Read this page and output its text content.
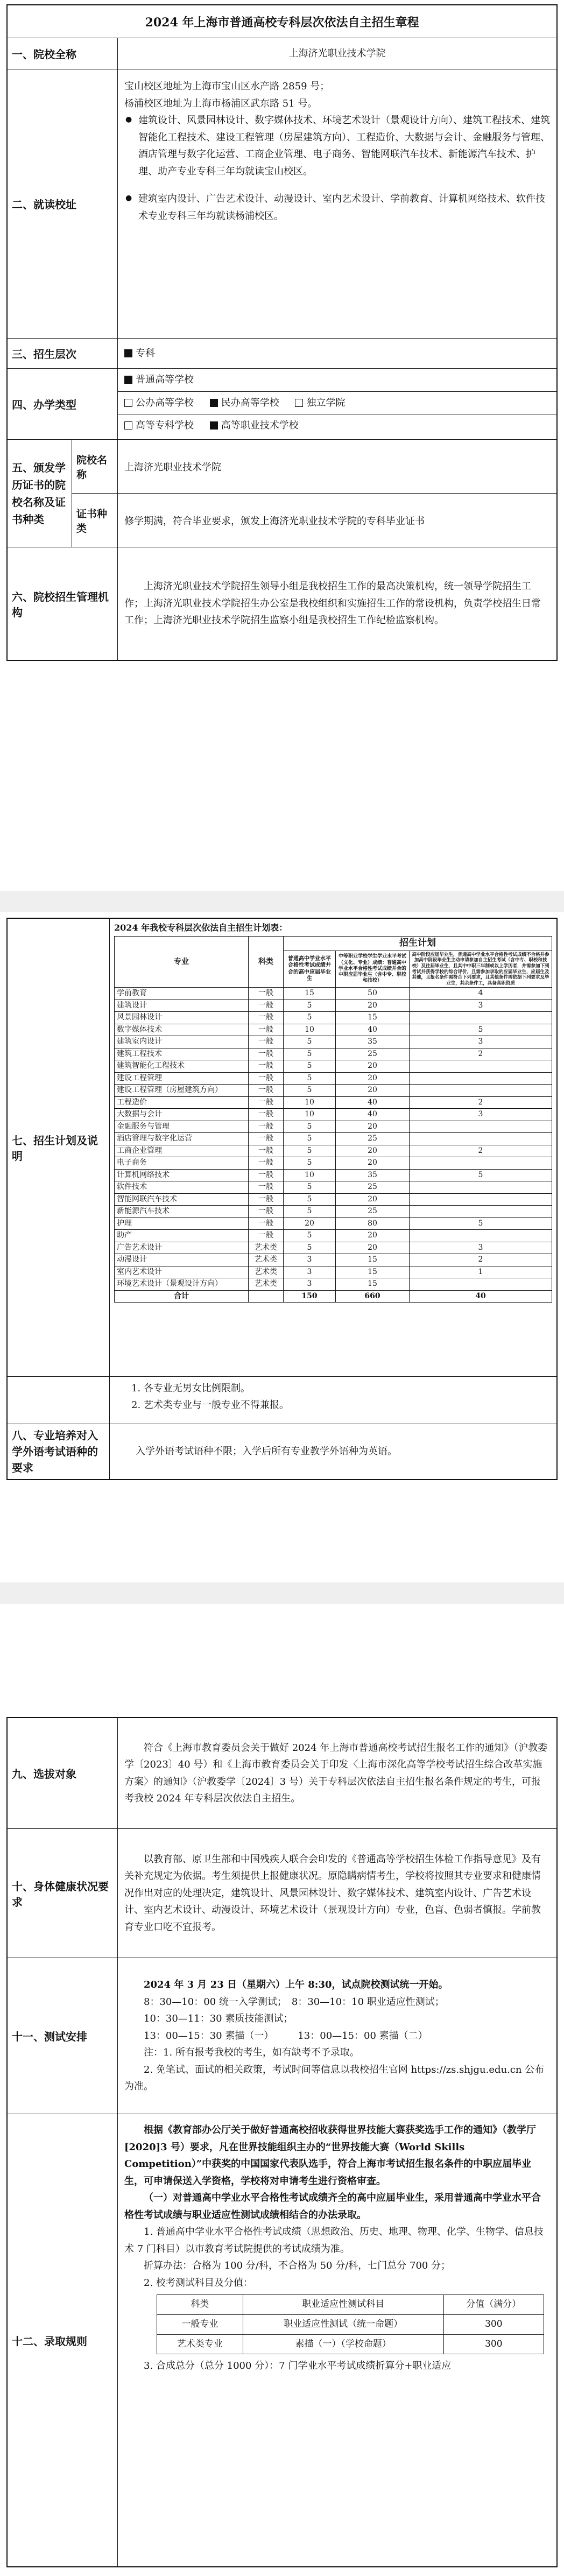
2024 年上海市普通高校专科层次依法自主招生章程
一、院校全称	上海济光职业技术学院
二、就读校址
宝山校区地址为上海市宝山区水产路 2859 号；
杨浦校区地址为上海市杨浦区武东路 51 号。
● 建筑设计、风景园林设计、数字媒体技术、环境艺术设计（景观设计方向）、建筑工程技术、建筑智能化工程技术、建设工程管理（房屋建筑方向）、工程造价、大数据与会计、金融服务与管理、酒店管理与数字化运营、工商企业管理、电子商务、智能网联汽车技术、新能源汽车技术、护理、助产专业专科三年均就读宝山校区。
● 建筑室内设计、广告艺术设计、动漫设计、室内艺术设计、学前教育、计算机网络技术、软件技术专业专科三年均就读杨浦校区。
三、招生层次	专科
四、办学类型
普通高等学校
公办高等学校	民办高等学校	独立学院
高等专科学校	高等职业技术学校
五、颁发学历证书的院校名称及证书种类
院校名称
上海济光职业技术学院
证书种类
修学期满，符合毕业要求，颁发上海济光职业技术学院的专科毕业证书
六、院校招生管理机构

上海济光职业技术学院招生领导小组是我校招生工作的最高决策机构，统一领导学院招生工作；上海济光职业技术学院招生办公室是我校组织和实施招生工作的常设机构，负责学校招生日常工作；上海济光职业技术学院招生监察小组是我校招生工作纪检监察机构。

七、招生计划及说明
2024 年我校专科层次依法自主招生计划表：
专业	科类	招生计划		
		普通高中学业水平合格性考试成绩并合的高中应届毕业生	中等职业学校学生学业水平考试（文化、专业）成绩：普通高中学业水平合格性考试成绩并合的中职应届毕业生（含中专、职校和技校）	高中阶段应届毕业生，普通高中学业水平合格性考试成绩不合格并参加高中阶段毕业生主动申请参加自主招生考试（含中专、职校和技校）及往届毕业生，且其中中职三年制或以上学历者，并需参加下列考试并获得学校的综合评价，且需参加录取的应届毕业生，应届生及其他，且报名条件需符合下列要求，且其他条件需依据下列要求及毕业生，其余条件工，具备高职资质
学前教育	一般	15	50	4
建筑设计	一般	5	20	3
风景园林设计	一般	5	15	
数字媒体技术	一般	10	40	5
建筑室内设计	一般	5	35	3
建筑工程技术	一般	5	25	2
建筑智能化工程技术	一般	5	20	
建设工程管理	一般	5	20	
建设工程管理（房屋建筑方向）	一般	5	20	
工程造价	一般	10	40	2
大数据与会计	一般	10	40	3
金融服务与管理	一般	5	20	
酒店管理与数字化运营	一般	5	25	
工商企业管理	一般	5	20	2
电子商务	一般	5	20	
计算机网络技术	一般	10	35	5
软件技术	一般	5	25	
智能网联汽车技术	一般	5	20	
新能源汽车技术	一般	5	25	
护理	一般	20	80	5
助产	一般	5	20	
广告艺术设计	艺术类	5	20	3
动漫设计	艺术类	3	15	2
室内艺术设计	艺术类	3	15	1
环境艺术设计（景观设计方向）	艺术类	3	15	
合计		150	660	40
1. 各专业无男女比例限制。
2. 艺术类专业与一般专业不得兼报。
八、专业培养对入学外语考试语种的要求

入学外语考试语种不限；入学后所有专业教学外语种为英语。

九、选拔对象

符合《上海市教育委员会关于做好 2024 年上海市普通高校考试招生报名工作的通知》（沪教委学〔2023〕40 号）和《上海市教育委员会关于印发〈上海市深化高等学校考试招生综合改革实施方案〉的通知》（沪教委学〔2024〕3 号）关于专科层次依法自主招生报名条件规定的考生，可报考我校 2024 年专科层次依法自主招生。

十、身体健康状况要求

以教育部、原卫生部和中国残疾人联合会印发的《普通高等学校招生体检工作指导意见》及有关补充规定为依据。考生须提供上报健康状况。原隐瞒病情考生，学校将按照其专业要求和健康情况作出对应的处理决定，建筑设计、风景园林设计、数字媒体技术、建筑室内设计、广告艺术设计、室内艺术设计、动漫设计、环境艺术设计（景观设计方向）专业，色盲、色弱者慎报。学前教育专业口吃不宜报考。

十一、测试安排
2024 年 3 月 23 日（星期六）上午 8:30，试点院校测试统一开始。
8：30—10：00 统一入学测试；　8：30—10：10 职业适应性测试；
10：30—11：30 素质技能测试；
13：00—15：30 素描（一）　　　13：00—15：00 素描（二）
注：1. 所有报考我校的考生，如有缺考不予录取。
2. 免笔试、面试的相关政策，考试时间等信息以我校招生官网 https://zs.shjgu.edu.cn 公布为准。
十二、录取规则

根据《教育部办公厅关于做好普通高校招收获得世界技能大赛获奖选手工作的通知》（教学厅[2020]3 号）要求，凡在世界技能组织主办的“世界技能大赛（World Skills Competition）”中获奖的中国国家代表队选手，符合上海市考试招生报名条件的中职应届毕业生，可申请保送入学资格，学校将对申请考生进行资格审查。

（一）对普通高中学业水平合格性考试成绩齐全的高中应届毕业生，采用普通高中学业水平合格性考试成绩与职业适应性测试成绩相结合的办法录取。

1. 普通高中学业水平合格性考试成绩（思想政治、历史、地理、物理、化学、生物学、信息技术 7 门科目）以市教育考试院提供的考试成绩为准。

折算办法：合格为 100 分/科，不合格为 50 分/科，七门总分 700 分；

2. 校考测试科目及分值：

科类	职业适应性测试科目	分值（满分）
一般专业	职业适应性测试（统一命题）	300
艺术类专业	素描（一）（学校命题）	300

3. 合成总分（总分 1000 分）：7 门学业水平考试成绩折算分+职业适应
